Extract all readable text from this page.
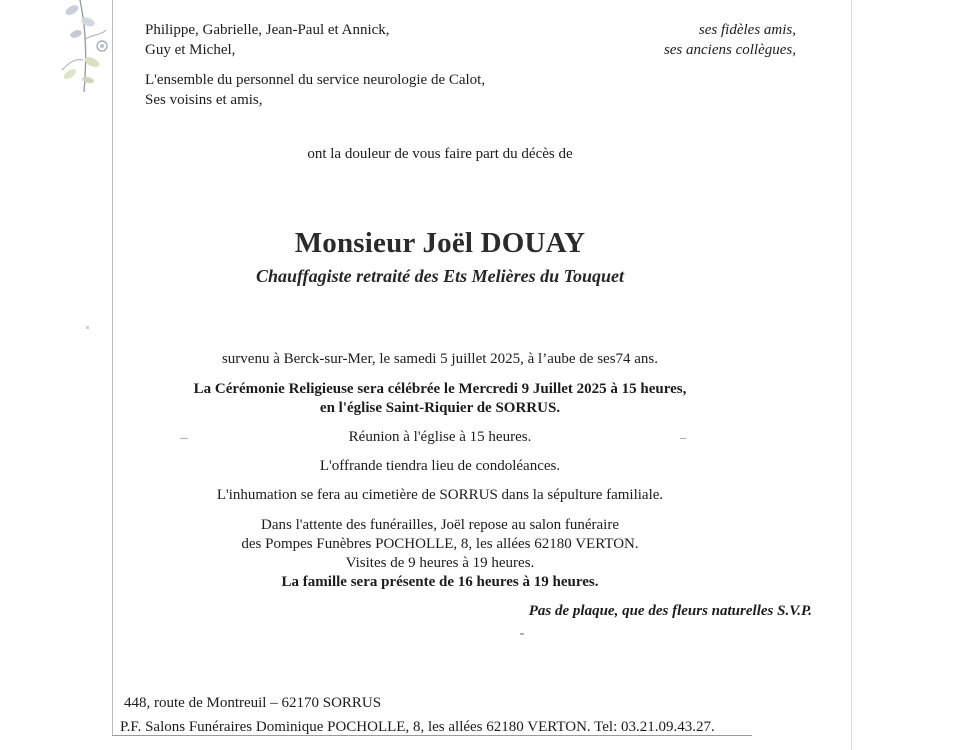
Philippe, Gabrielle, Jean-Paul et Annick,
Guy et Michel,
L'ensemble du personnel du service neurologie de Calot,
Ses voisins et amis,
ses fidèles amis,
ses anciens collègues,
ont la douleur de vous faire part du décès de
Monsieur Joël DOUAY
Chauffagiste retraité des Ets Melières du Touquet
survenu à Berck-sur-Mer, le samedi 5 juillet 2025, à l’aube de ses74 ans.
La Cérémonie Religieuse sera célébrée le Mercredi 9 Juillet 2025 à 15 heures,
en l'église Saint-Riquier de SORRUS.
Réunion à l'église à 15 heures.
L'offrande tiendra lieu de condoléances.
L'inhumation se fera au cimetière de SORRUS dans la sépulture familiale.
Dans l'attente des funérailles, Joël repose au salon funéraire
des Pompes Funèbres POCHOLLE, 8, les allées 62180 VERTON.
Visites de 9 heures à 19 heures.
La famille sera présente de 16 heures à 19 heures.
Pas de plaque, que des fleurs naturelles S.V.P.
448, route de Montreuil – 62170 SORRUS
P.F. Salons Funéraires Dominique POCHOLLE, 8, les allées 62180 VERTON. Tel: 03.21.09.43.27.
